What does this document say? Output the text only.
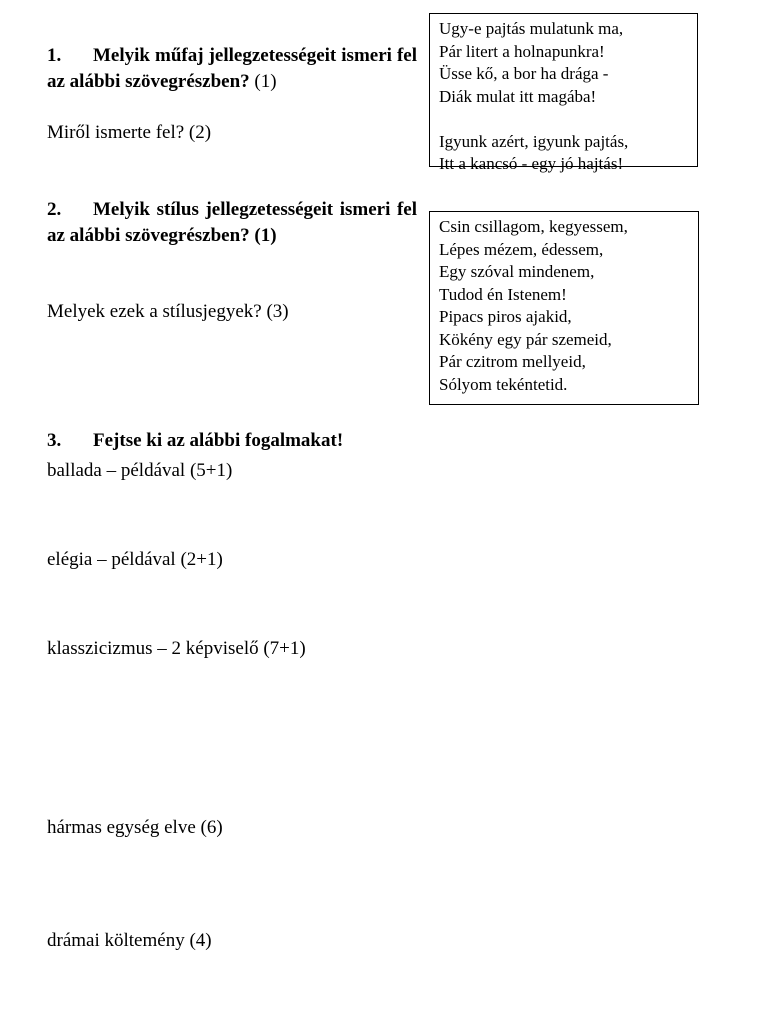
1. Melyik műfaj jellegzetességeit ismeri fel az alábbi szövegrészben? (1)
Miről ismerte fel? (2)
Ugy-e pajtás mulatunk ma,
Pár litert a holnapunkra!
Üsse kő, a bor ha drága -
Diák mulat itt magába!
Igyunk azért, igyunk pajtás,
Itt a kancsó - egy jó hajtás!
2. Melyik stílus jellegzetességeit ismeri fel az alábbi szövegrészben? (1)
Melyek ezek a stílusjegyek? (3)
Csin csillagom, kegyessem,
Lépes mézem, édessem,
Egy szóval mindenem,
Tudod én Istenem!
Pipacs piros ajakid,
Kökény egy pár szemeid,
Pár czitrom mellyeid,
Sólyom tekéntetid.
3. Fejtse ki az alábbi fogalmakat!
ballada – példával (5+1)
elégia – példával (2+1)
klasszicizmus – 2 képviselő (7+1)
hármas egység elve (6)
drámai költemény (4)
